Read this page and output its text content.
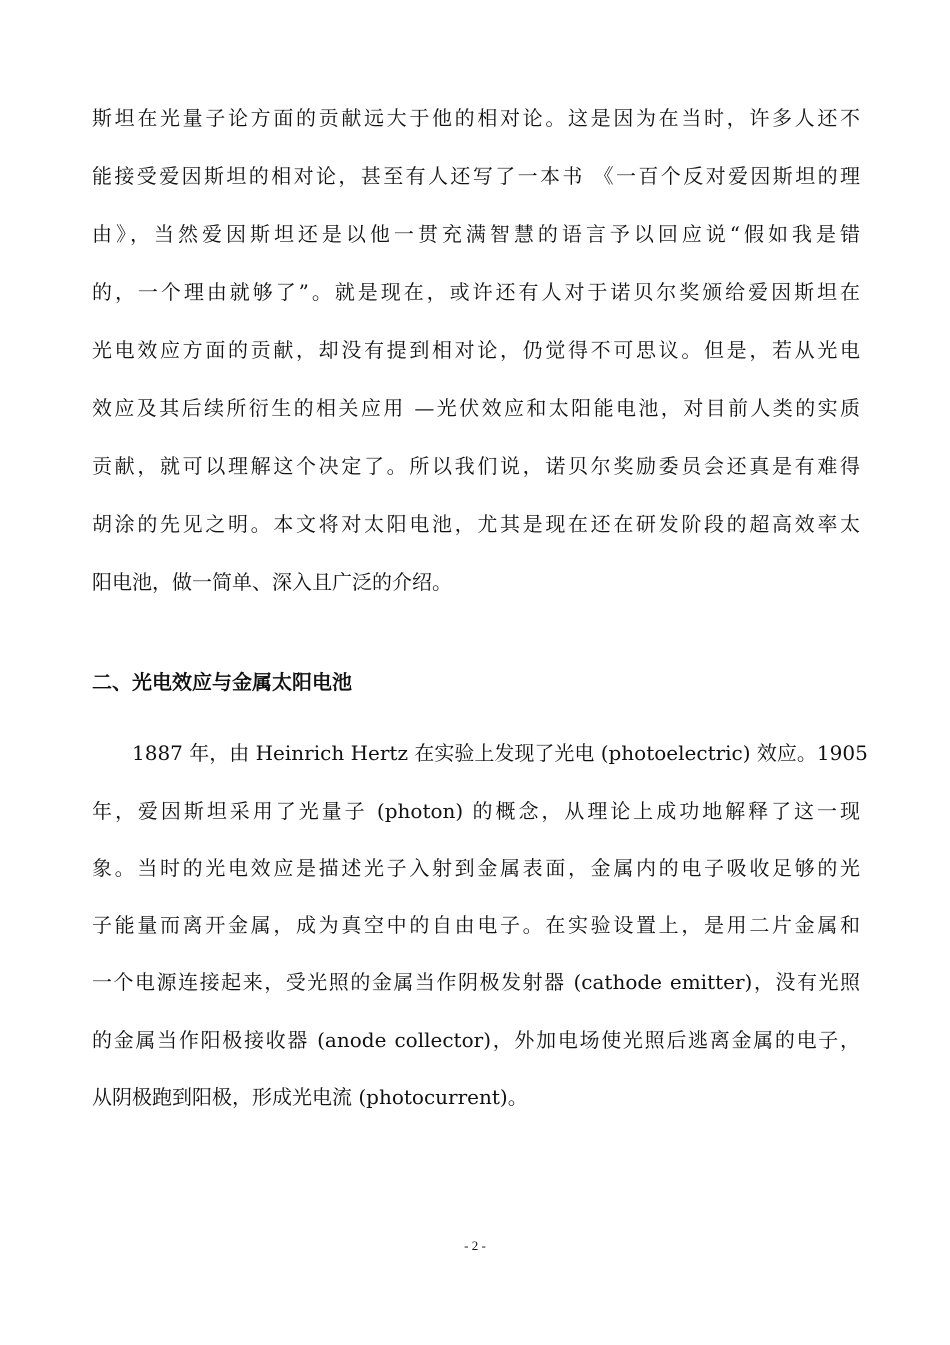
斯坦在光量子论方面的贡献远大于他的相对论。这是因为在当时，许多人还不
能接受爱因斯坦的相对论，甚至有人还写了一本书 《一百个反对爱因斯坦的理
由》，当然爱因斯坦还是以他一贯充满智慧的语言予以回应说“假如我是错
的，一个理由就够了”。就是现在，或许还有人对于诺贝尔奖颁给爱因斯坦在
光电效应方面的贡献，却没有提到相对论，仍觉得不可思议。但是，若从光电
效应及其后续所衍生的相关应用 —光伏效应和太阳能电池，对目前人类的实质
贡献，就可以理解这个决定了。所以我们说，诺贝尔奖励委员会还真是有难得
胡涂的先见之明。本文将对太阳电池，尤其是现在还在研发阶段的超高效率太
阳电池，做一简单、深入且广泛的介绍。
二、光电效应与金属太阳电池
　　1887 年，由 Heinrich Hertz 在实验上发现了光电 (photoelectric) 效应。1905
年，爱因斯坦采用了光量子 (photon) 的概念，从理论上成功地解释了这一现
象。当时的光电效应是描述光子入射到金属表面，金属内的电子吸收足够的光
子能量而离开金属，成为真空中的自由电子。在实验设置上，是用二片金属和
一个电源连接起来，受光照的金属当作阴极发射器 (cathode emitter)，没有光照
的金属当作阳极接收器 (anode collector)，外加电场使光照后逃离金属的电子，
从阴极跑到阳极，形成光电流 (photocurrent)。
- 2 -
